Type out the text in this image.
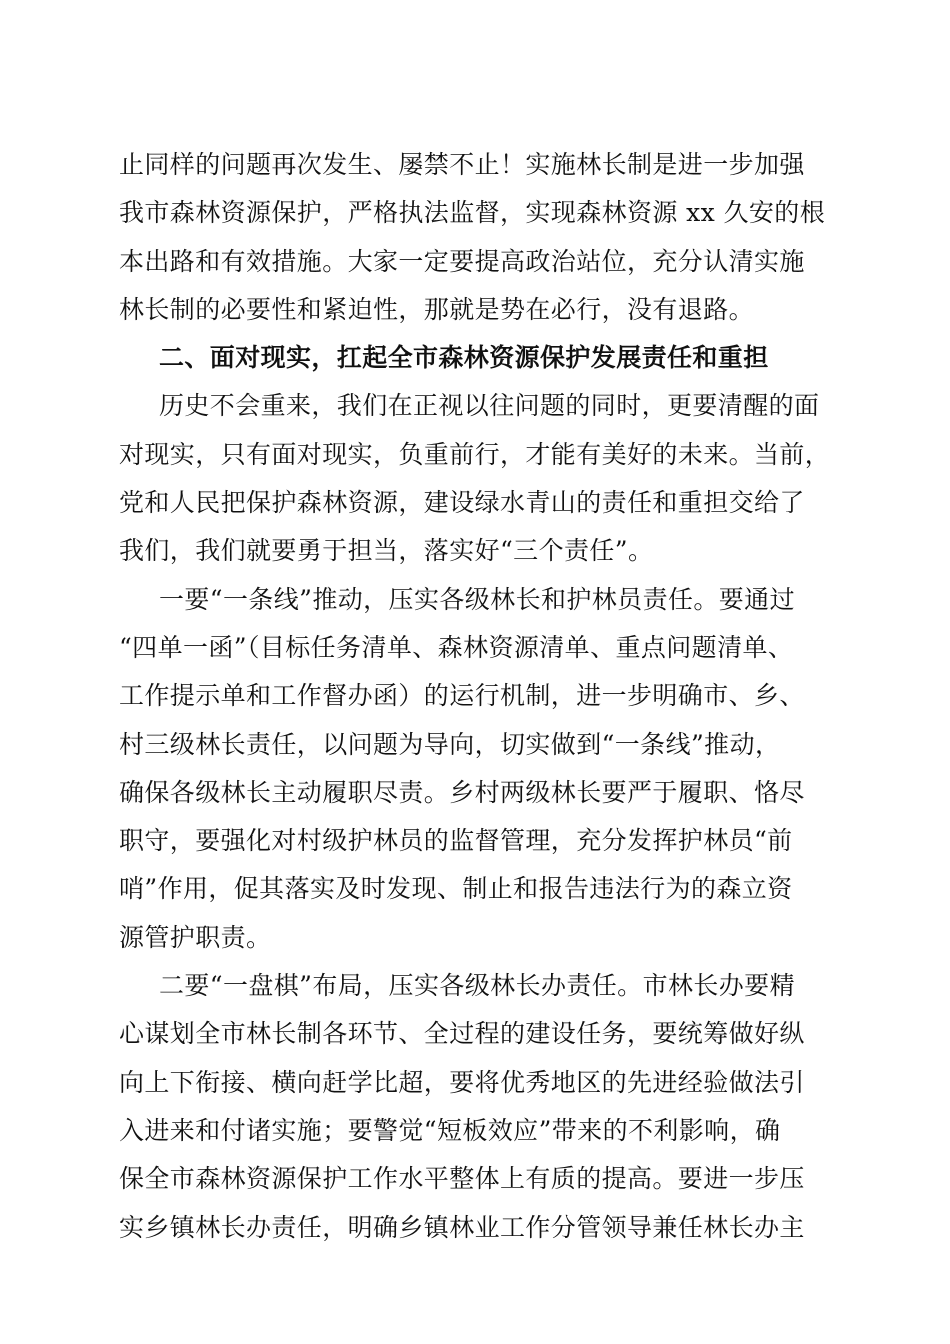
止同样的问题再次发生、屡禁不止！实施林长制是进一步加强
我市森林资源保护，严格执法监督，实现森林资源 xx 久安的根
本出路和有效措施。大家一定要提高政治站位，充分认清实施
林长制的必要性和紧迫性，那就是势在必行，没有退路。
二、面对现实，扛起全市森林资源保护发展责任和重担
历史不会重来，我们在正视以往问题的同时，更要清醒的面
对现实，只有面对现实，负重前行，才能有美好的未来。当前，
党和人民把保护森林资源，建设绿水青山的责任和重担交给了
我们，我们就要勇于担当，落实好“三个责任”。
一要“一条线”推动，压实各级林长和护林员责任。要通过
“四单一函”（目标任务清单、森林资源清单、重点问题清单、
工作提示单和工作督办函）的运行机制，进一步明确市、乡、
村三级林长责任，以问题为导向，切实做到“一条线”推动，
确保各级林长主动履职尽责。乡村两级林长要严于履职、恪尽
职守，要强化对村级护林员的监督管理，充分发挥护林员“前
哨”作用，促其落实及时发现、制止和报告违法行为的森立资
源管护职责。
二要“一盘棋”布局，压实各级林长办责任。市林长办要精
心谋划全市林长制各环节、全过程的建设任务，要统筹做好纵
向上下衔接、横向赶学比超，要将优秀地区的先进经验做法引
入进来和付诸实施；要警觉“短板效应”带来的不利影响，确
保全市森林资源保护工作水平整体上有质的提高。要进一步压
实乡镇林长办责任，明确乡镇林业工作分管领导兼任林长办主
